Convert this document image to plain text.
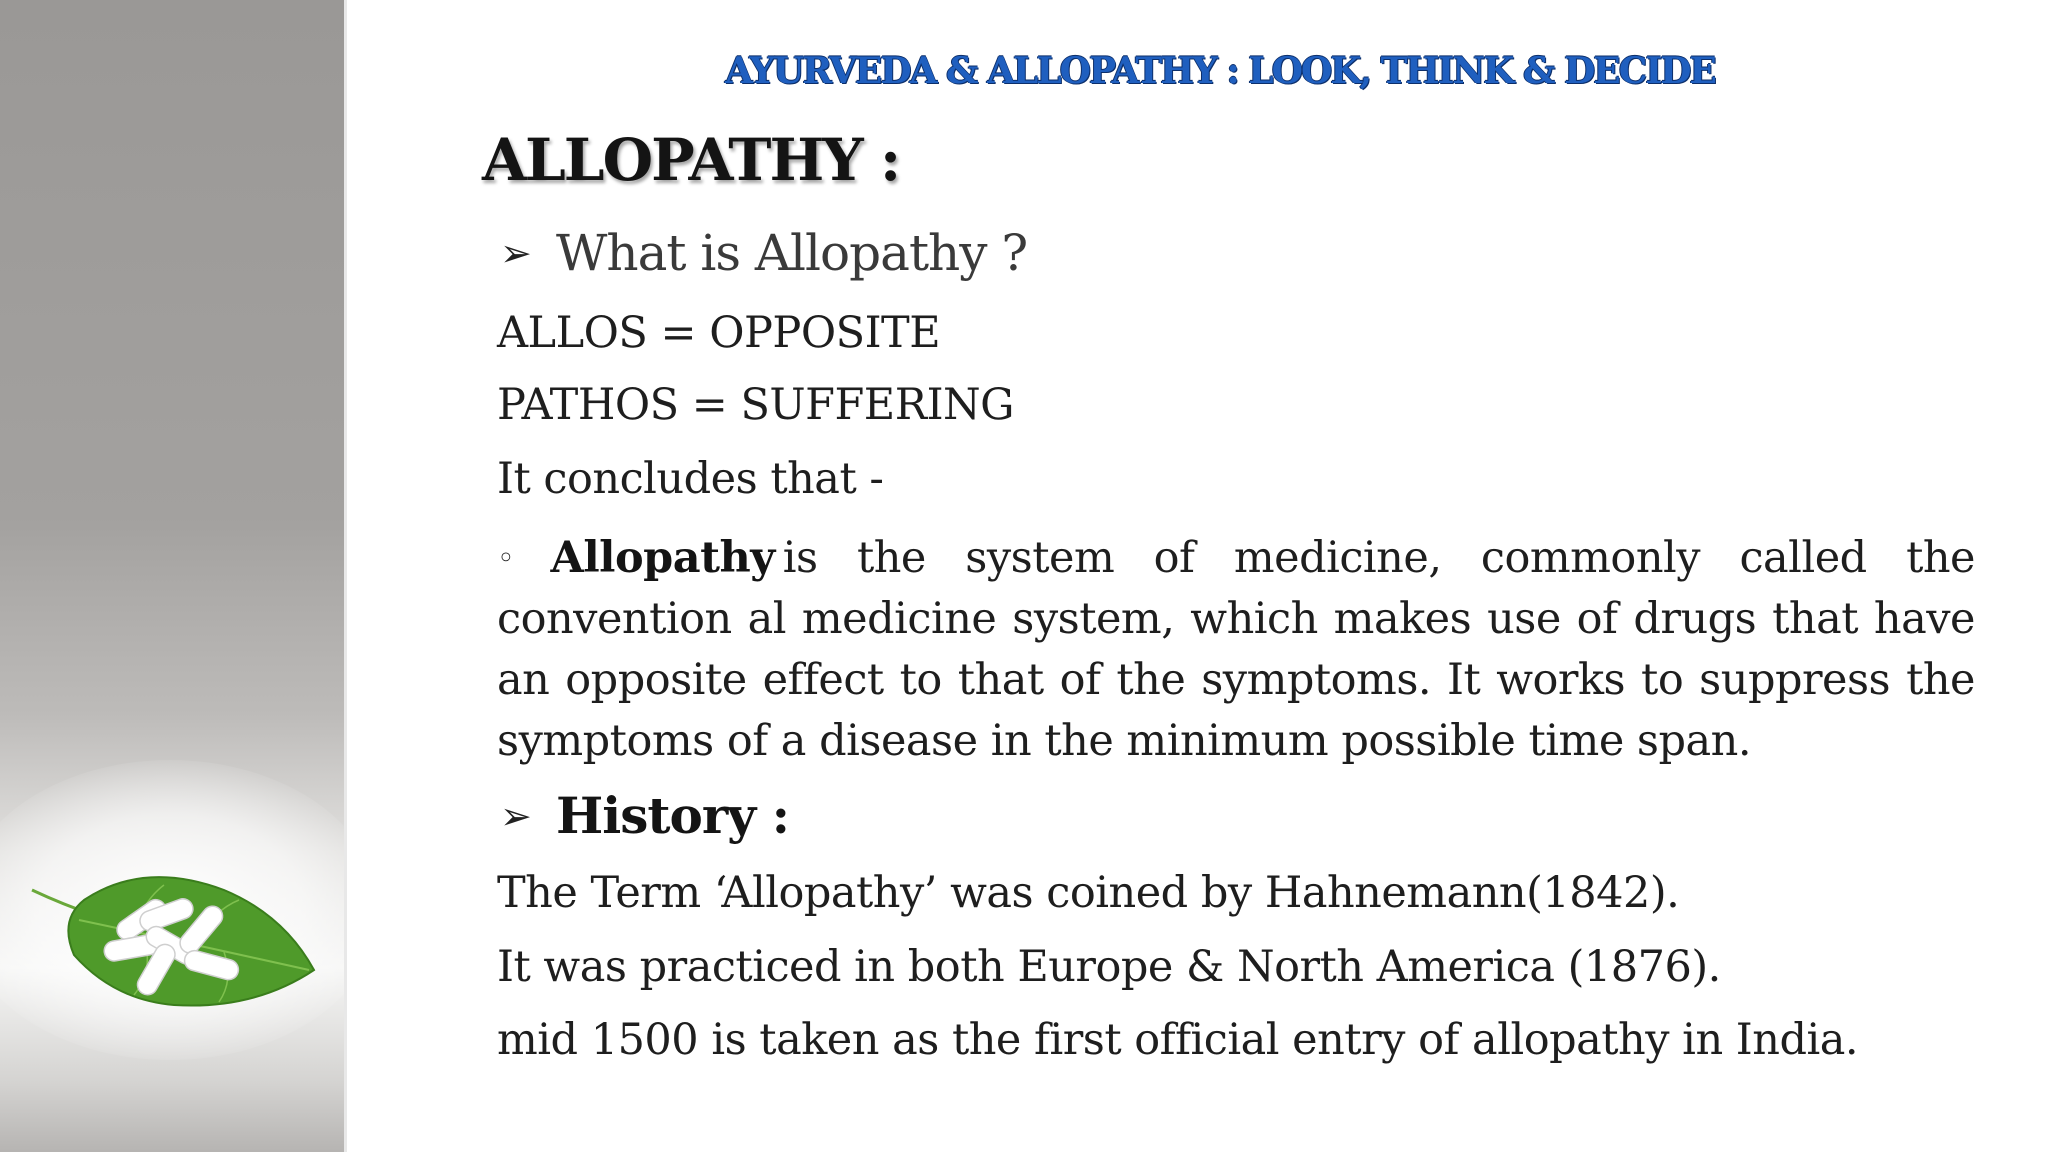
AYURVEDA & ALLOPATHY : LOOK, THINK & DECIDE
ALLOPATHY :
➢ What is Allopathy ?
ALLOS = OPPOSITE
PATHOS = SUFFERING
It concludes that -
◦ Allopathy is the system of medicine, commonly called the convention al medicine system, which makes use of drugs that have an opposite effect to that of the symptoms. It works to suppress the symptoms of a disease in the minimum possible time span.
➢ History :
The Term ‘Allopathy’ was coined by Hahnemann(1842).
It was practiced in both Europe & North America (1876).
mid 1500 is taken as the first official entry of allopathy in India.
